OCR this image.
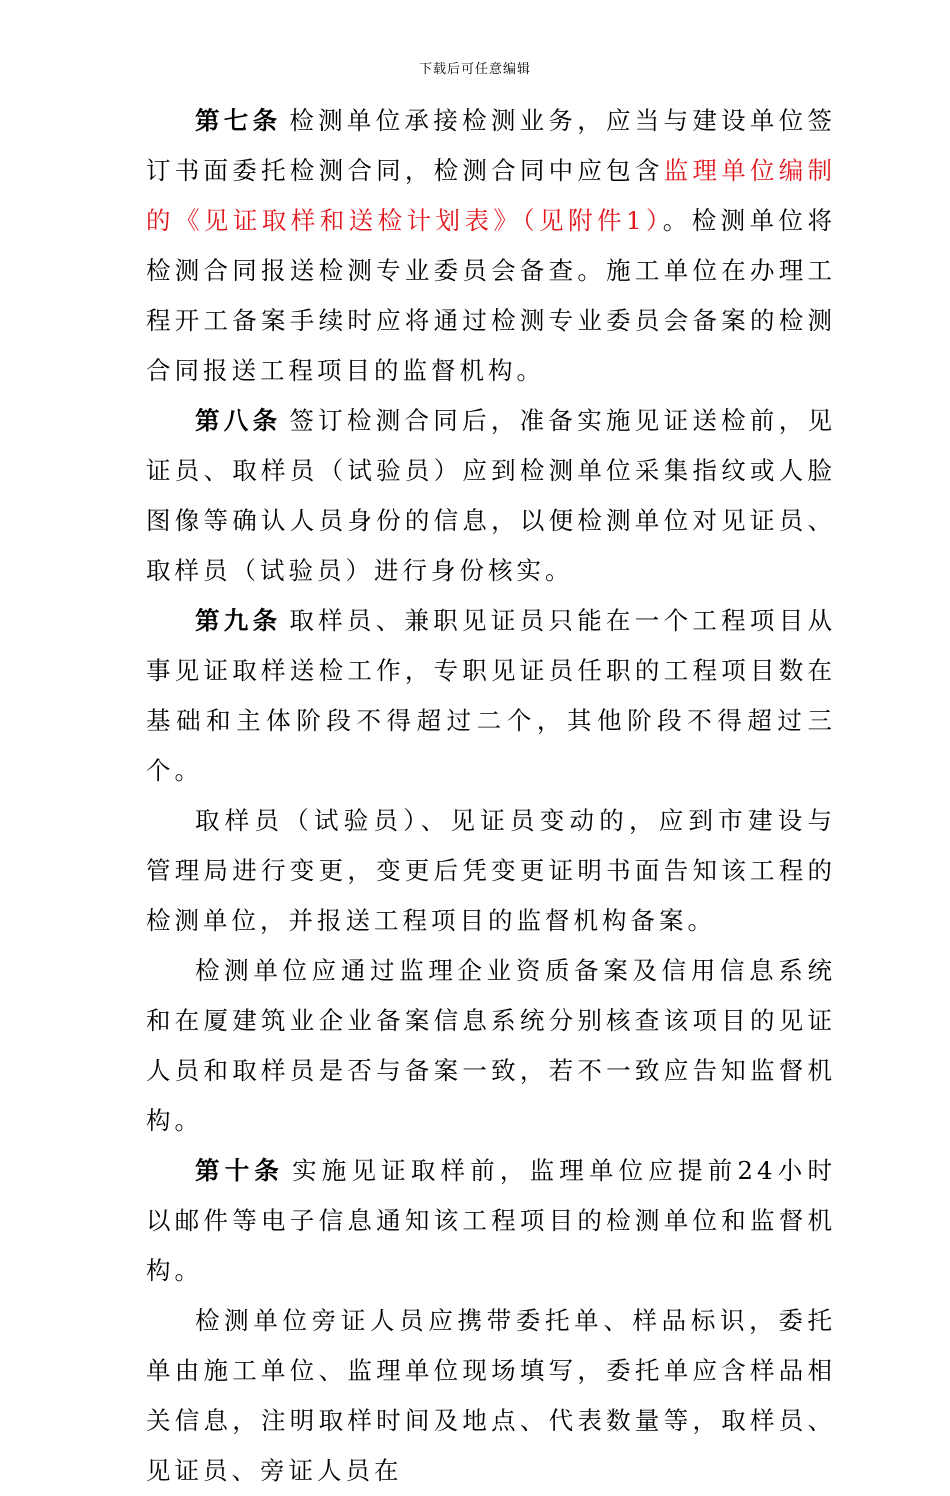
下载后可任意编辑

第七条 检测单位承接检测业务，应当与建设单位签订书面委托检测合同，检测合同中应包含监理单位编制的《见证取样和送检计划表》（见附件1）。检测单位将检测合同报送检测专业委员会备查。施工单位在办理工程开工备案手续时应将通过检测专业委员会备案的检测合同报送工程项目的监督机构。

第八条 签订检测合同后，准备实施见证送检前，见证员、取样员（试验员）应到检测单位采集指纹或人脸图像等确认人员身份的信息，以便检测单位对见证员、取样员（试验员）进行身份核实。

第九条 取样员、兼职见证员只能在一个工程项目从事见证取样送检工作，专职见证员任职的工程项目数在基础和主体阶段不得超过二个，其他阶段不得超过三个。

取样员（试验员）、见证员变动的，应到市建设与管理局进行变更，变更后凭变更证明书面告知该工程的检测单位，并报送工程项目的监督机构备案。

检测单位应通过监理企业资质备案及信用信息系统和在厦建筑业企业备案信息系统分别核查该项目的见证人员和取样员是否与备案一致，若不一致应告知监督机构。

第十条 实施见证取样前，监理单位应提前24小时以邮件等电子信息通知该工程项目的检测单位和监督机构。

检测单位旁证人员应携带委托单、样品标识，委托单由施工单位、监理单位现场填写，委托单应含样品相关信息，注明取样时间及地点、代表数量等，取样员、见证员、旁证人员在
